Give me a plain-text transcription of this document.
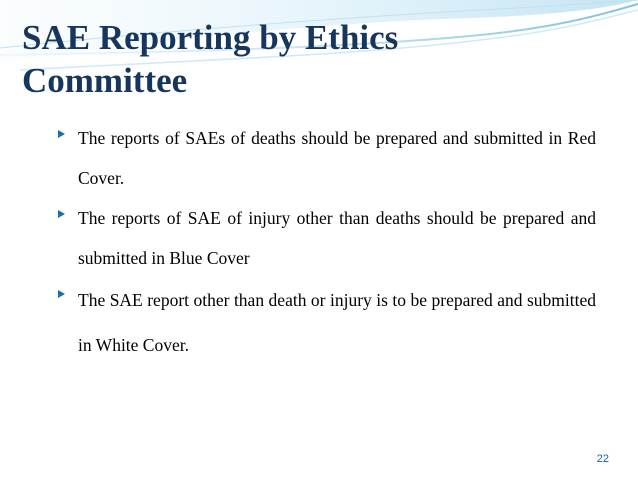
SAE Reporting by Ethics Committee
The reports of SAEs of deaths should be prepared and submitted in Red Cover.
The reports of SAE of injury other than deaths should be prepared and submitted in Blue Cover
The SAE report other than death or injury is to be prepared and submitted in White Cover. cover
22
